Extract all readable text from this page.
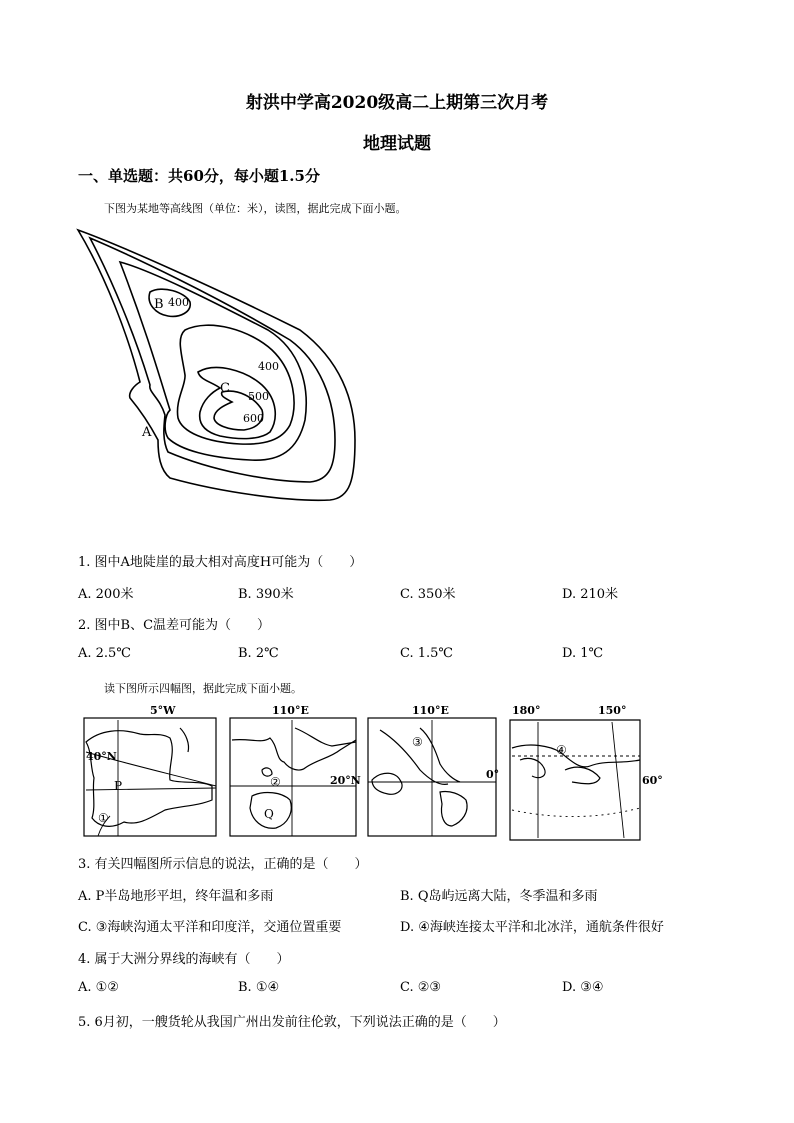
射洪中学高2020级高二上期第三次月考
地理试题
一、单选题：共60分，每小题1.5分
下图为某地等高线图（单位：米），读图，据此完成下面小题。
B 400
400
C
500
600
A
1. 图中A地陡崖的最大相对高度H可能为（　　）
A. 200米	B. 390米	C. 350米	D. 210米
2. 图中B、C温差可能为（　　）
A. 2.5℃	B. 2℃	C. 1.5℃	D. 1℃
读下图所示四幅图，据此完成下面小题。
5°W
40°N
110°E
20°N
110°E
0°
180°	150°
60°
P
①
②
Q
③
④
3. 有关四幅图所示信息的说法，正确的是（　　）
A. P半岛地形平坦，终年温和多雨	B. Q岛屿远离大陆，冬季温和多雨
C. ③海峡沟通太平洋和印度洋，交通位置重要	D. ④海峡连接太平洋和北冰洋，通航条件很好
4. 属于大洲分界线的海峡有（　　）
A. ①②	B. ①④	C. ②③	D. ③④
5. 6月初，一艘货轮从我国广州出发前往伦敦，下列说法正确的是（　　）
